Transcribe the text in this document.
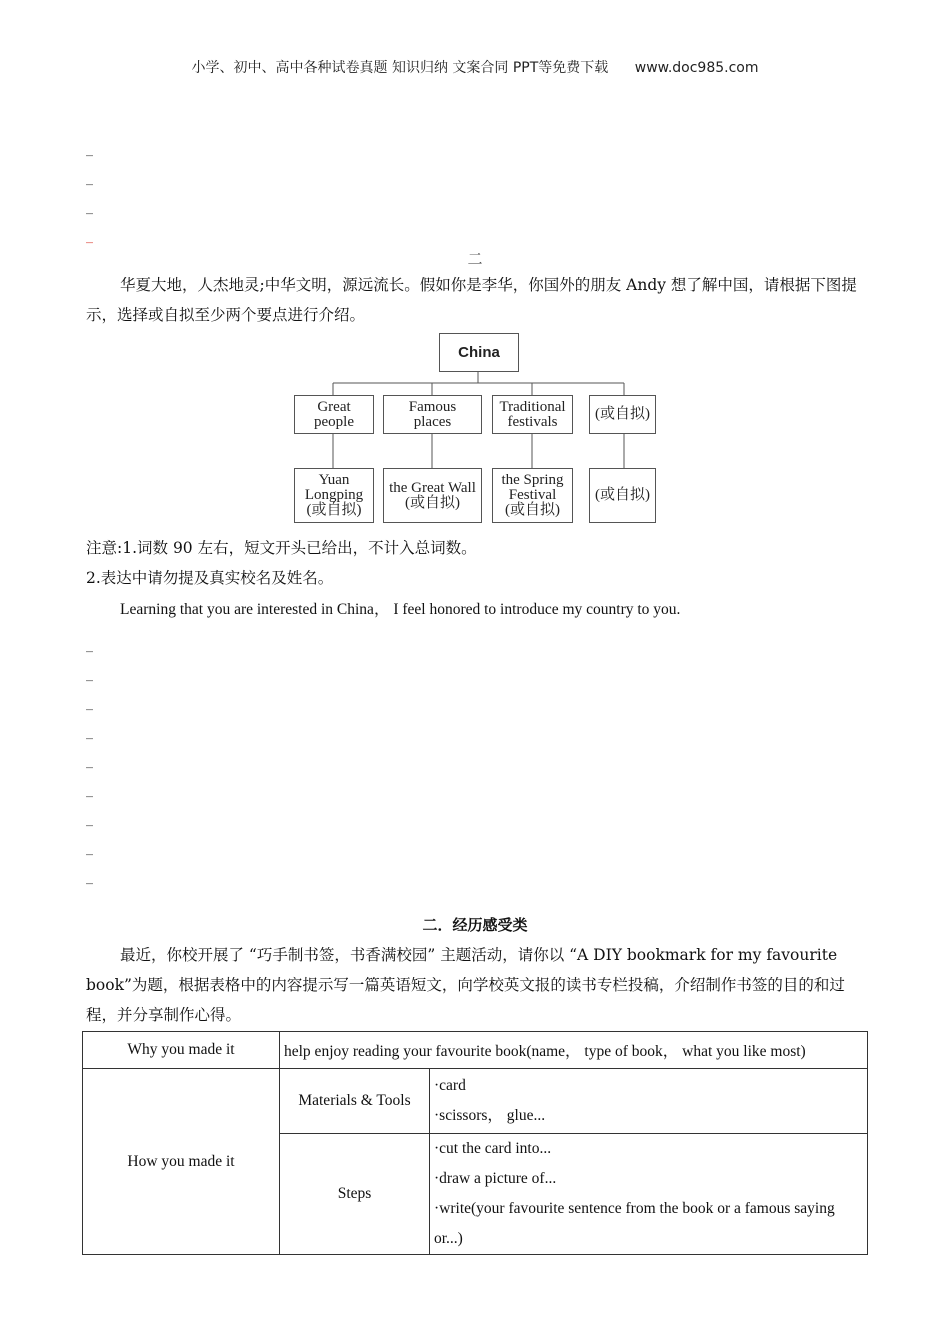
小学、初中、高中各种试卷真题 知识归纳 文案合同 PPT等免费下载 www.doc985.com
_
_
_
_
二
华夏大地，人杰地灵;中华文明，源远流长。假如你是李华，你国外的朋友 Andy 想了解中国，请根据下图提示，选择或自拟至少两个要点进行介绍。
China
Great
people
Famous
places
Traditional
festivals	(或自拟)
Yuan
Longping
(或自拟)
the Great Wall
(或自拟)
the Spring
Festival
(或自拟)
(或自拟)
注意:1.词数 90 左右，短文开头已给出，不计入总词数。
2.表达中请勿提及真实校名及姓名。
Learning that you are interested in China， I feel honored to introduce my country to you.
_
_
_
_
_
_
_
_
_
二．经历感受类
最近，你校开展了 “巧手制书签，书香满校园” 主题活动，请你以 “A DIY bookmark for my favourite book”为题，根据表格中的内容提示写一篇英语短文，向学校英文报的读书专栏投稿，介绍制作书签的目的和过程，并分享制作心得。
Why you made it	help enjoy reading your favourite book(name， type of book， what you like most)	
How you made it	Materials & Tools	·card
·scissors， glue...

	Steps	·cut the card into...
·draw a picture of...
·write(your favourite sentence from the book or a famous saying or...)
